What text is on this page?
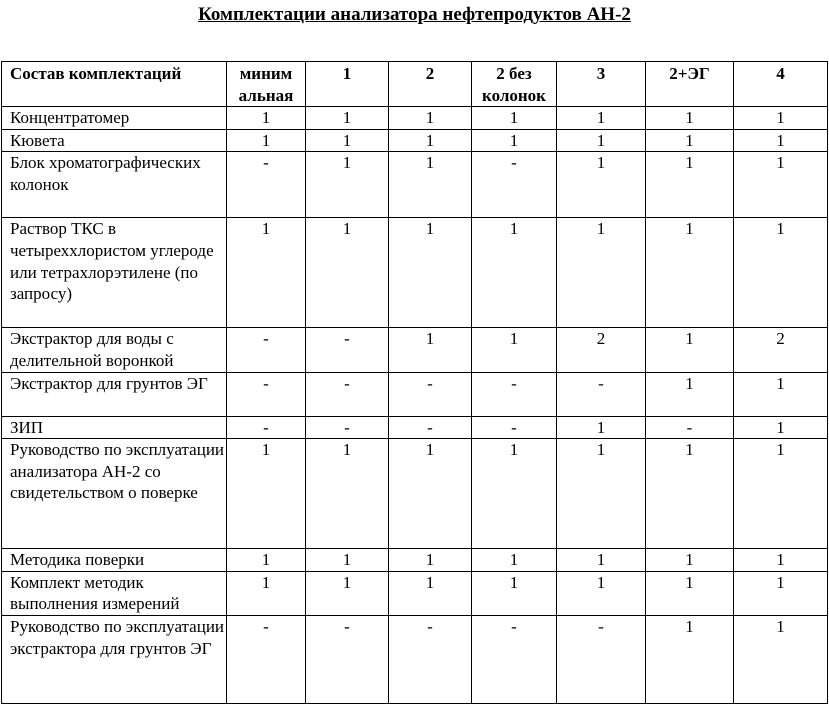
Комплектации анализатора нефтепродуктов АН-2
Состав комплектаций	миним альная	1	2	2 без колонок	3	2+ЭГ	4
Концентратомер	1	1	1	1	1	1	1
Кювета	1	1	1	1	1	1	1
Блок хроматографических колонок	-	1	1	-	1	1	1
Раствор ТКС в четыреххлористом углероде или тетрахлорэтилене (по запросу)	1	1	1	1	1	1	1
Экстрактор для воды с делительной воронкой	-	-	1	1	2	1	2
Экстрактор для грунтов ЭГ	-	-	-	-	-	1	1
ЗИП	-	-	-	-	1	-	1
Руководство по эксплуатации анализатора АН-2 со свидетельством о поверке	1	1	1	1	1	1	1
Методика поверки	1	1	1	1	1	1	1
Комплект методик выполнения измерений	1	1	1	1	1	1	1
Руководство по эксплуатации экстрактора для грунтов ЭГ	-	-	-	-	-	1	1
